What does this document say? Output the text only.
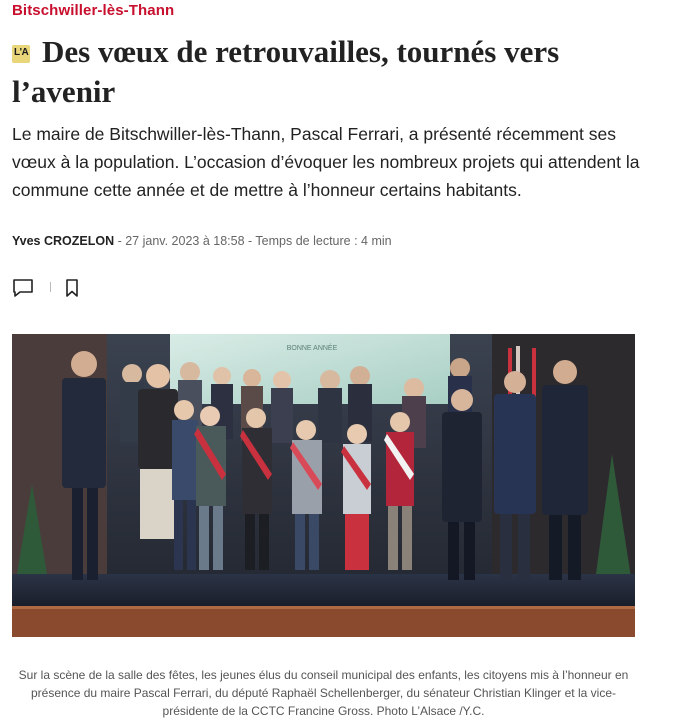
Bitschwiller-lès-Thann
L'A Des vœux de retrouvailles, tournés vers l’avenir

Le maire de Bitschwiller-lès-Thann, Pascal Ferrari, a présenté récemment ses vœux à la population. L’occasion d’évoquer les nombreux projets qui attendent la commune cette année et de mettre à l’honneur certains habitants.

Yves CROZELON - 27 janv. 2023 à 18:58 - Temps de lecture : 4 min
BONNE ANNÉE

Sur la scène de la salle des fêtes, les jeunes élus du conseil municipal des enfants, les citoyens mis à l’honneur en présence du maire Pascal Ferrari, du député Raphaël Schellenberger, du sénateur Christian Klinger et la vice-présidente de la CCTC Francine Gross. Photo L’Alsace /Y.C.
